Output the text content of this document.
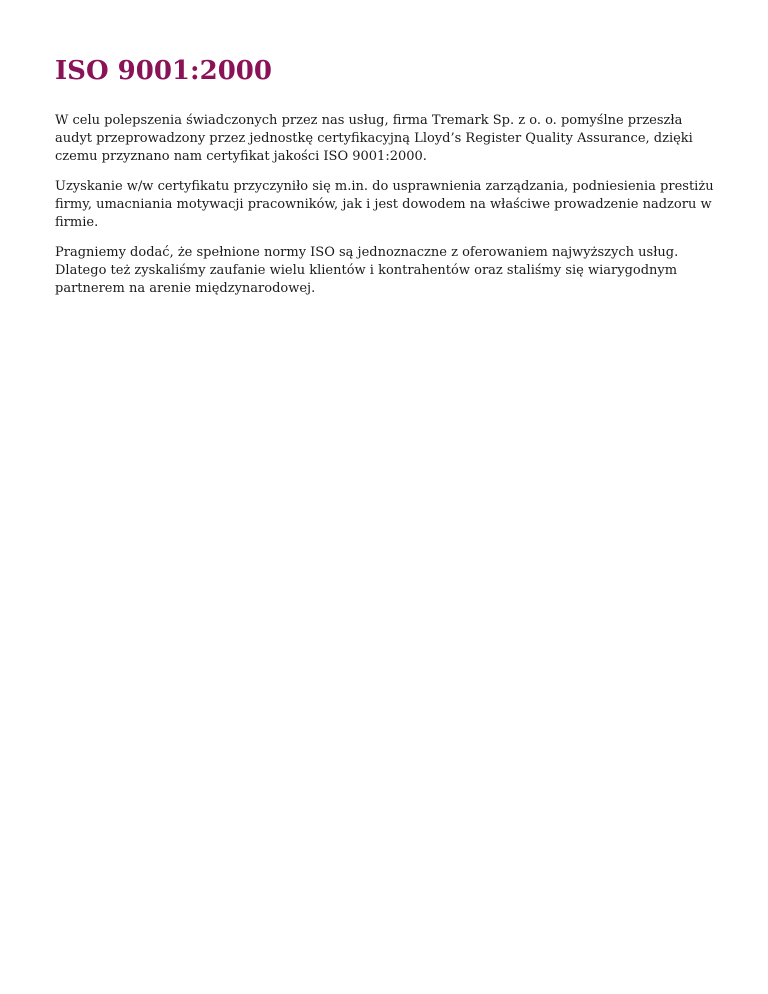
ISO 9001:2000

W celu polepszenia świadczonych przez nas usług, firma Tremark Sp. z o. o. pomyślne przeszła audyt przeprowadzony przez jednostkę certyfikacyjną Lloyd’s Register Quality Assurance, dzięki czemu przyznano nam certyfikat jakości ISO 9001:2000.

Uzyskanie w/w certyfikatu przyczyniło się m.in. do usprawnienia zarządzania, podniesienia prestiżu firmy, umacniania motywacji pracowników, jak i jest dowodem na właściwe prowadzenie nadzoru w firmie.

Pragniemy dodać, że spełnione normy ISO są jednoznaczne z oferowaniem najwyższych usług. Dlatego też zyskaliśmy zaufanie wielu klientów i kontrahentów oraz staliśmy się wiarygodnym partnerem na arenie międzynarodowej.
